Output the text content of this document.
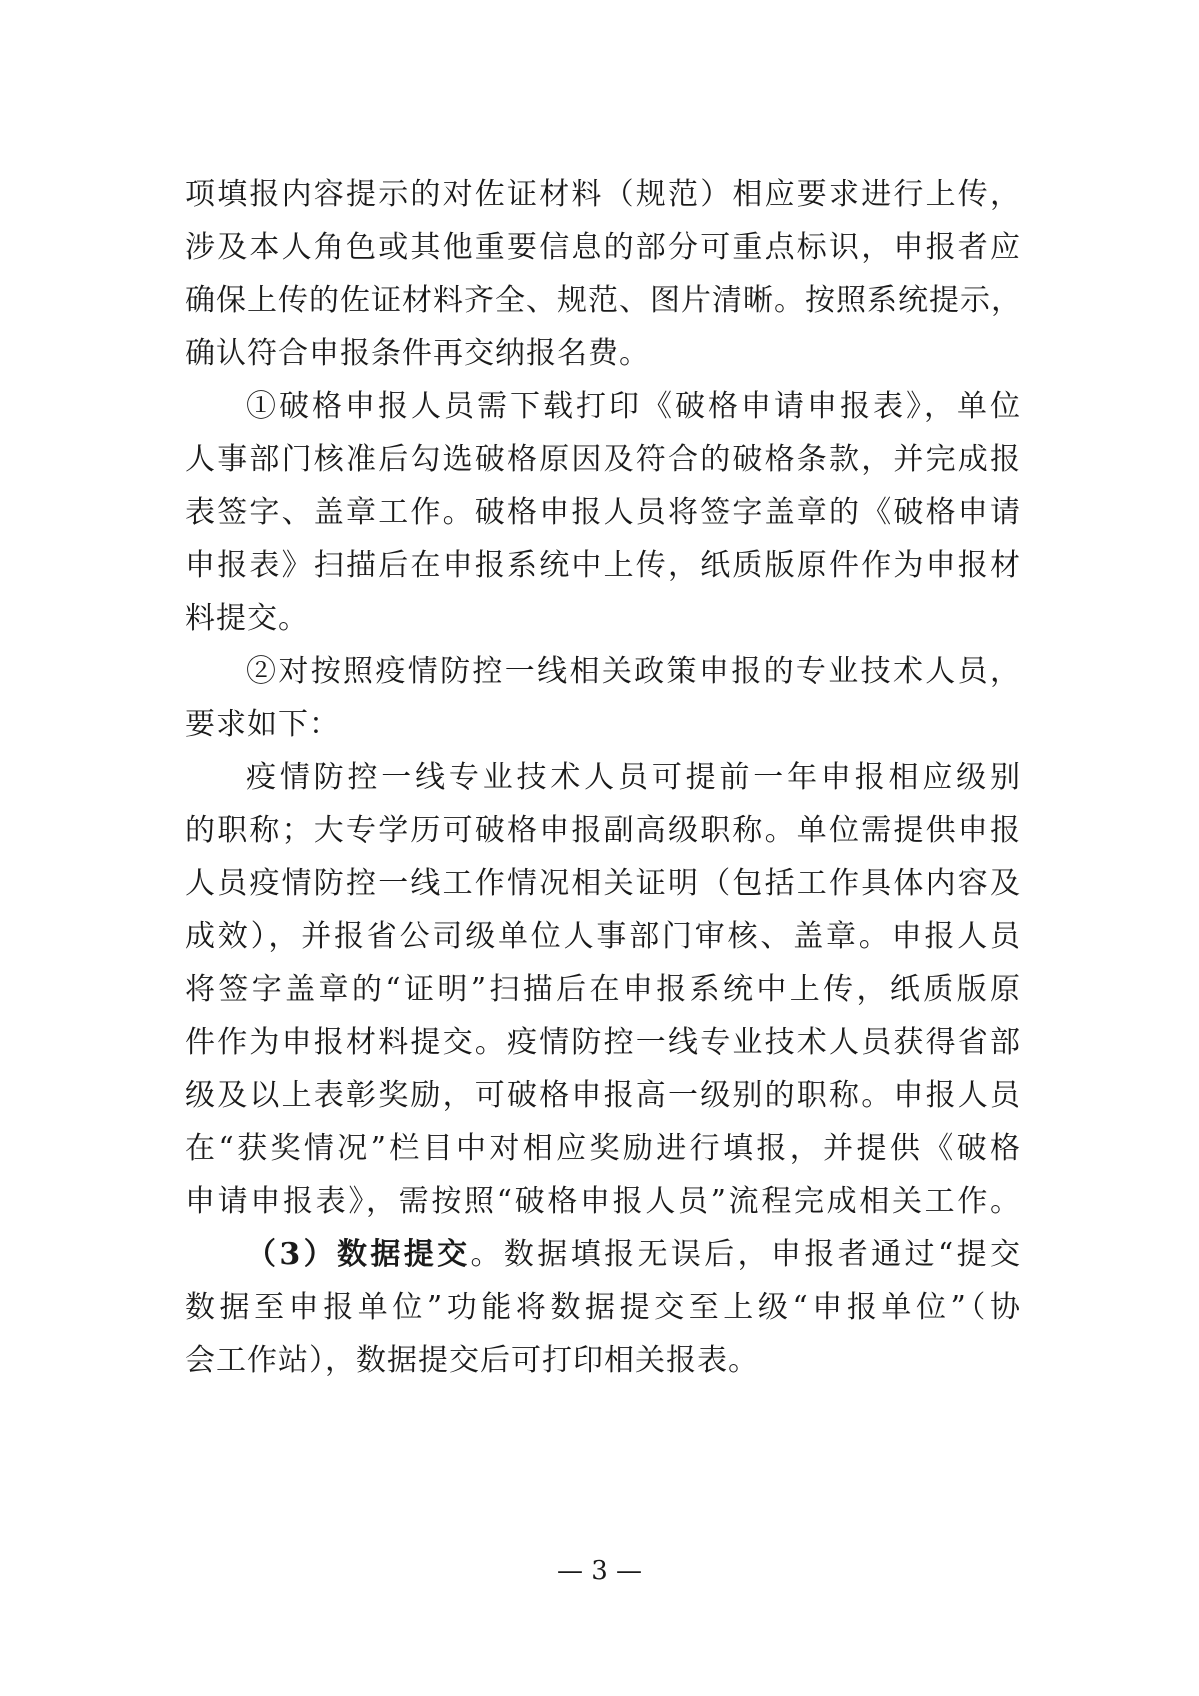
项填报内容提示的对佐证材料（规范）相应要求进行上传，
涉及本人角色或其他重要信息的部分可重点标识，申报者应
确保上传的佐证材料齐全、规范、图片清晰。按照系统提示，
确认符合申报条件再交纳报名费。
①破格申报人员需下载打印《破格申请申报表》，单位
人事部门核准后勾选破格原因及符合的破格条款，并完成报
表签字、盖章工作。破格申报人员将签字盖章的《破格申请
申报表》扫描后在申报系统中上传，纸质版原件作为申报材
料提交。
②对按照疫情防控一线相关政策申报的专业技术人员，
要求如下：
疫情防控一线专业技术人员可提前一年申报相应级别
的职称；大专学历可破格申报副高级职称。单位需提供申报
人员疫情防控一线工作情况相关证明（包括工作具体内容及
成效），并报省公司级单位人事部门审核、盖章。申报人员
将签字盖章的“证明”扫描后在申报系统中上传，纸质版原
件作为申报材料提交。疫情防控一线专业技术人员获得省部
级及以上表彰奖励，可破格申报高一级别的职称。申报人员
在“获奖情况”栏目中对相应奖励进行填报，并提供《破格
申请申报表》，需按照“破格申报人员”流程完成相关工作。
（3）数据提交。数据填报无误后，申报者通过“提交
数据至申报单位”功能将数据提交至上级“申报单位”（协
会工作站），数据提交后可打印相关报表。
— 3 —
